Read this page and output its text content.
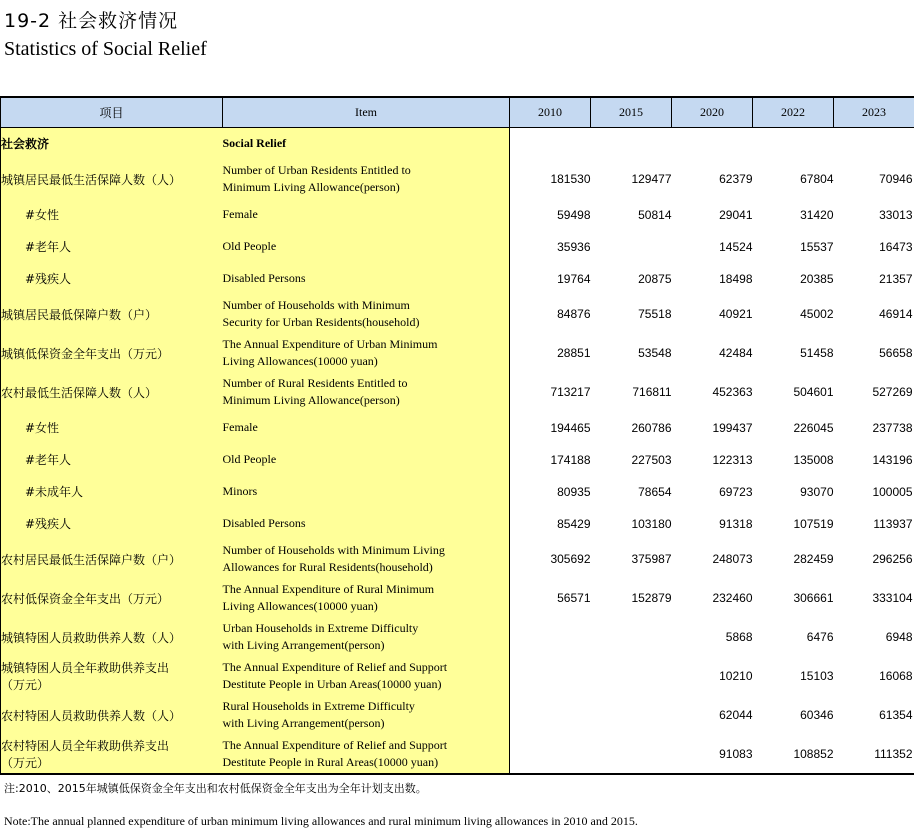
19-2 社会救济情况
Statistics of Social Relief
项目	Item	2010	2015	2020	2022	2023
社会救济	Social Relief					
城镇居民最低生活保障人数（人）	Number of Urban Residents Entitled to
Minimum Living Allowance(person)	181530	129477	62379	67804	70946
#女性	Female	59498	50814	29041	31420	33013
#老年人	Old People	35936		14524	15537	16473
#残疾人	Disabled Persons	19764	20875	18498	20385	21357
城镇居民最低保障户数（户）	Number of Households with Minimum
Security for Urban Residents(household)	84876	75518	40921	45002	46914
城镇低保资金全年支出（万元）	The Annual Expenditure of Urban Minimum
Living Allowances(10000 yuan)	28851	53548	42484	51458	56658
农村最低生活保障人数（人）	Number of Rural Residents Entitled to
Minimum Living Allowance(person)	713217	716811	452363	504601	527269
#女性	Female	194465	260786	199437	226045	237738
#老年人	Old People	174188	227503	122313	135008	143196
#未成年人	Minors	80935	78654	69723	93070	100005
#残疾人	Disabled Persons	85429	103180	91318	107519	113937
农村居民最低生活保障户数（户）	Number of Households with Minimum Living
Allowances for Rural Residents(household)	305692	375987	248073	282459	296256
农村低保资金全年支出（万元）	The Annual Expenditure of Rural Minimum
Living Allowances(10000 yuan)	56571	152879	232460	306661	333104
城镇特困人员救助供养人数（人）	Urban Households in Extreme Difficulty
with Living Arrangement(person)			5868	6476	6948
城镇特困人员全年救助供养支出
（万元）	The Annual Expenditure of Relief and Support
Destitute People in Urban Areas(10000 yuan)			10210	15103	16068
农村特困人员救助供养人数（人）	Rural Households in Extreme Difficulty
with Living Arrangement(person)			62044	60346	61354
农村特困人员全年救助供养支出
（万元）	The Annual Expenditure of Relief and Support
Destitute People in Rural Areas(10000 yuan)			91083	108852	111352
注:2010、2015年城镇低保资金全年支出和农村低保资金全年支出为全年计划支出数。
Note:The annual planned expenditure of urban minimum living allowances and rural minimum living allowances in 2010 and 2015.
